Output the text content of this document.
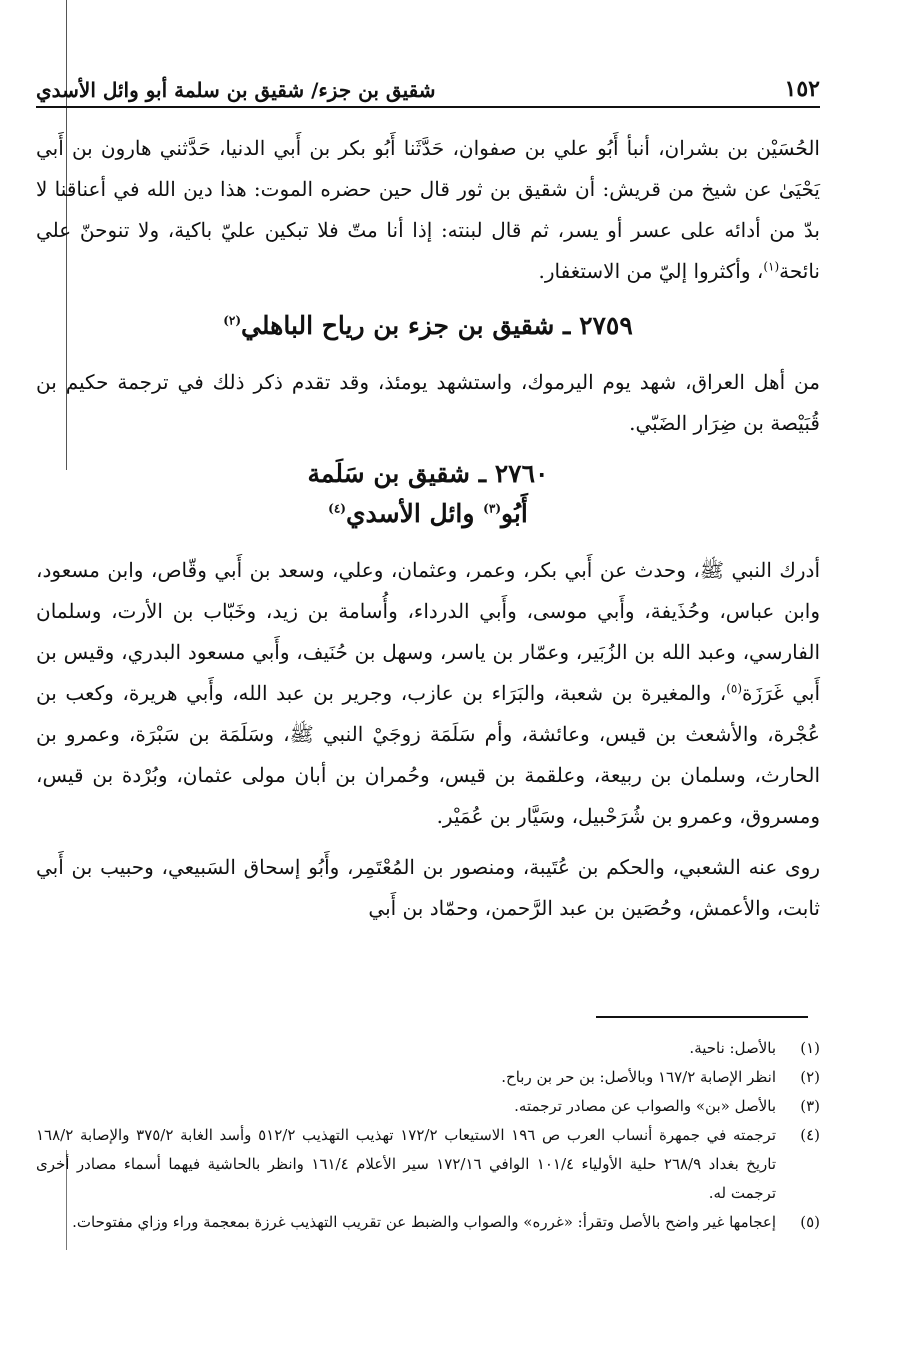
١٥٢
شقيق بن جزء/ شقيق بن سلمة أبو وائل الأسدي

الحُسَيْن بن بشران، أنبأ أَبُو علي بن صفوان، حَدَّثَنا أَبُو بكر بن أَبي الدنيا، حَدَّثني هارون بن أَبي يَحْيَىٰ عن شيخ من قريش: أن شقيق بن ثور قال حين حضره الموت: هذا دين الله في أعناقنا لا بدّ من أدائه على عسر أو يسر، ثم قال لبنته: إذا أنا متّ فلا تبكين عليّ باكية، ولا تنوحنّ علي نائحة$^{(١)}$، وأكثروا إليّ من الاستغفار.

٢٧٥٩ ـ شقيق بن جزء بن رياح الباهلي$^{(٢)}$

من أهل العراق، شهد يوم اليرموك، واستشهد يومئذ، وقد تقدم ذكر ذلك في ترجمة حكيم بن قُبَيْصة بن ضِرَار الضَبّي.

٢٧٦٠ ـ شقيق بن سَلَمة
أَبُو$^{(٣)}$ وائل الأسدي$^{(٤)}$

أدرك النبي ﷺ، وحدث عن أَبي بكر، وعمر، وعثمان، وعلي، وسعد بن أَبي وقّاص، وابن مسعود، وابن عباس، وحُذَيفة، وأَبي موسى، وأَبي الدرداء، وأُسامة بن زيد، وخَبّاب بن الأرت، وسلمان الفارسي، وعبد الله بن الزُبَير، وعمّار بن ياسر، وسهل بن حُنَيف، وأَبي مسعود البدري، وقيس بن أَبي غَرَزَة$^{(٥)}$، والمغيرة بن شعبة، والبَرَاء بن عازب، وجرير بن عبد الله، وأَبي هريرة، وكعب بن عُجْرة، والأشعث بن قيس، وعائشة، وأم سَلَمَة زوجَيْ النبي ﷺ، وسَلَمَة بن سَبْرَة، وعمرو بن الحارث، وسلمان بن ربيعة، وعلقمة بن قيس، وحُمران بن أبان مولى عثمان، وبُرْدة بن قيس، ومسروق، وعمرو بن شُرَحْبيل، وسَيَّار بن عُمَيْر.

روى عنه الشعبي، والحكم بن عُتَيبة، ومنصور بن المُعْتَمِر، وأَبُو إسحاق السَبيعي، وحبيب بن أَبي ثابت، والأعمش، وحُصَين بن عبد الرَّحمن، وحمّاد بن أَبي

(١)
بالأصل: ناحية.
(٢)
انظر الإصابة ١٦٧/٢ وبالأصل: بن حر بن رباح.
(٣)
بالأصل «بن» والصواب عن مصادر ترجمته.
(٤)
ترجمته في جمهرة أنساب العرب ص ١٩٦ الاستيعاب ١٧٢/٢ تهذيب التهذيب ٥١٢/٢ وأسد الغابة ٣٧٥/٢ والإصابة ١٦٨/٢ تاريخ بغداد ٢٦٨/٩ حلية الأولياء ١٠١/٤ الوافي ١٧٢/١٦ سير الأعلام ١٦١/٤ وانظر بالحاشية فيهما أسماء مصادر أخرى ترجمت له.
(٥)
إعجامها غير واضح بالأصل وتقرأ: «غرره» والصواب والضبط عن تقريب التهذيب غرزة بمعجمة وراء وزاي مفتوحات.
